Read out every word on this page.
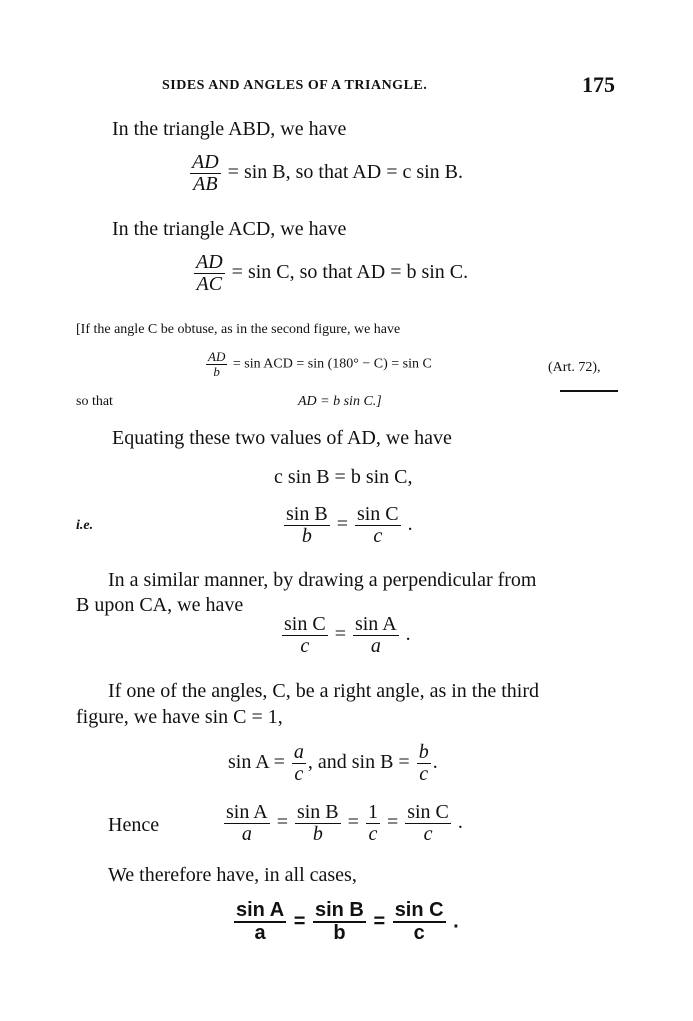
SIDES AND ANGLES OF A TRIANGLE.	175
In the triangle ABD, we have
$\frac{AD}{AB} = \sin B$, so that AD = c sin B.
In the triangle ACD, we have
$\frac{AD}{AC} = \sin C$, so that AD = b sin C.
[If the angle C be obtuse, as in the second figure, we have
$\frac{AD}{b} = \sin$ ACD = sin (180° − C) = sin C	(Art. 72),
so that	AD = b sin C.]
Equating these two values of AD, we have
c sin B = b sin C,
i.e.	$\frac{\text{sin B}}{b} = \frac{\text{sin C}}{c}$ .
In a similar manner, by drawing a perpendicular from
B upon CA, we have
$\frac{\text{sin C}}{c} = \frac{\text{sin A}}{a}$ .
If one of the angles, C, be a right angle, as in the third
figure, we have sin C = 1,
$\sin A = \frac{a}{c}$ , and $\sin B = \frac{b}{c}$ .
Hence	$\frac{\text{sin A}}{a} = \frac{\text{sin B}}{b} = \frac{1}{c} = \frac{\text{sin C}}{c}$ .
We therefore have, in all cases,
$\frac{\text{sin A}}{a} = \frac{\text{sin B}}{b} = \frac{\text{sin C}}{c}$ .
